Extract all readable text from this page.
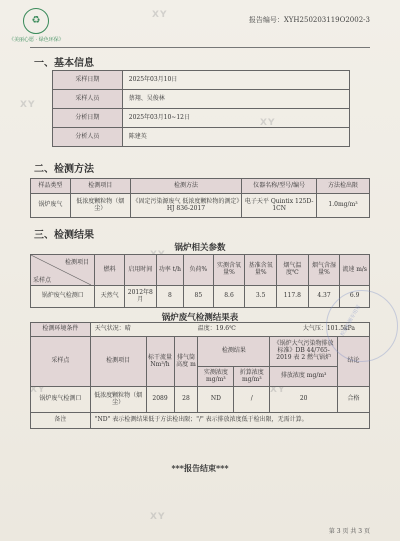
♻
《美丽心愿 · 绿色环保》
报告编号：XYH250203119O2002-3
XY
XY
XY
XY
XY	XY
XY
一、基本信息
采样日期	2025年03月10日
采样人员	蔡翔、吴俊林
分析日期	2025年03月10~12日
分析人员	陈建英
二、检测方法
样品类型	检测项目	检测方法	仪器名称/型号/编号	方法检出限
锅炉废气	低浓度颗粒物（烟尘）	《固定污染源废气 低浓度颗粒物的测定》HJ 836-2017	电子天平 Quintix 125D-1CN	1.0mg/m³
三、检测结果
锅炉相关参数
检测项目
采样点	燃料	启用时间	功率 t/h	负荷%	实测含氧量%	基准含氧量%	烟气温度℃	烟气含湿量%	流速 m/s
锅炉废气检测口	天然气	2012年8月	8	85	8.6	3.5	117.8	4.37	6.9
锅炉废气检测结果表
检测环境条件	天气状况：晴 温度：19.6℃ 大气压：101.5kPa						

采样点	检测项目	标干流量Nm³/h	排气筒高度 m	检测结果		《锅炉大气污染物排放标准》DB 44/765-2019 表 2 燃气锅炉	结论
				实测浓度 mg/m³	折算浓度 mg/m³	排放浓度 mg/m³	
锅炉废气检测口	低浓度颗粒物（烟尘）	2089	28	ND	/	20	合格
备注	"ND" 表示检测结果低于方法检出限；"/" 表示排放浓度低于检出限，无需计算。						
检验检测专用章
***报告结束***
第 3 页 共 3 页
